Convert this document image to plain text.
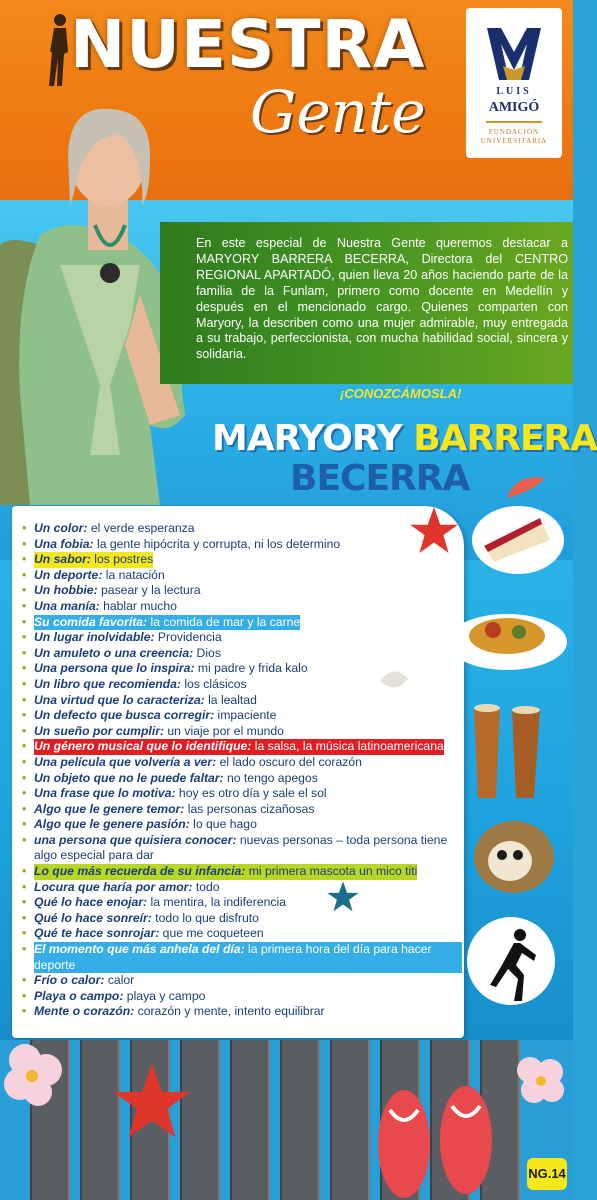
NUESTRA
Gente	LUIS
AMIGÓ
FUNDACIÓN UNIVERSITARIA
En este especial de Nuestra Gente queremos destacar a MARYORY BARRERA BECERRA, Directora del CENTRO REGIONAL APARTADÓ, quien lleva 20 años haciendo parte de la familia de la Funlam, primero como docente en Medellín y después en el mencionado cargo. Quienes comparten con Maryory, la describen como una mujer admirable, muy entregada a su trabajo, perfeccionista, con mucha habilidad social, sincera y solidaria.
¡CONOZCÁMOSLA!
MARYORY BARRERA
BECERRA
• Un color: el verde esperanza
• Una fobia: la gente hipócrita y corrupta, ni los determino
• Un sabor: los postres
• Un deporte: la natación
• Un hobbie: pasear y la lectura
• Una manía: hablar mucho
• Su comida favorita: la comida de mar y la carne
• Un lugar inolvidable: Providencia
• Un amuleto o una creencia: Dios
• Una persona que lo inspira: mi padre y frida kalo
• Un libro que recomienda: los clásicos
• Una virtud que lo caracteriza: la lealtad
• Un defecto que busca corregir: impaciente
• Un sueño por cumplir: un viaje por el mundo
• Un género musical que lo identifique: la salsa, la música latinoamericana
• Una película que volvería a ver: el lado oscuro del corazón
• Un objeto que no le puede faltar: no tengo apegos
• Una frase que lo motiva: hoy es otro día y sale el sol
• Algo que le genere temor: las personas cizañosas
• Algo que le genere pasión: lo que hago
• una persona que quisiera conocer: nuevas personas – toda persona tiene algo especial para dar
• Lo que más recuerda de su infancia: mi primera mascota un mico titi
• Locura que haría por amor: todo
• Qué lo hace enojar: la mentira, la indiferencia
• Qué lo hace sonreír: todo lo que disfruto
• Qué te hace sonrojar: que me coqueteen
• El momento que más anhela del día: la primera hora del día para hacer deporte
• Frío o calor: calor
• Playa o campo: playa y campo
• Mente o corazón: corazón y mente, intento equilibrar
NG.14
